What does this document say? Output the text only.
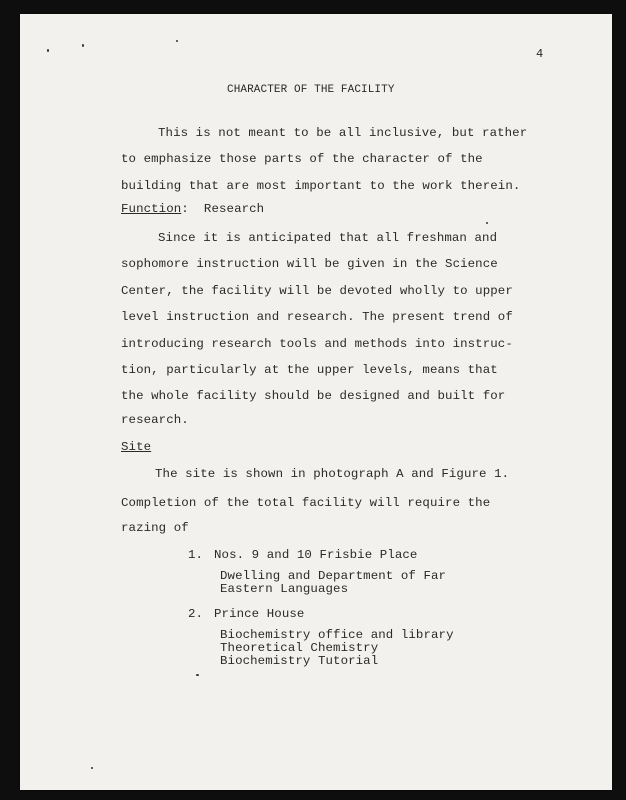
4
CHARACTER OF THE FACILITY
This is not meant to be all inclusive, but rather
to emphasize those parts of the character of the
building that are most important to the work therein.
Function: Research
Since it is anticipated that all freshman and
sophomore instruction will be given in the Science
Center, the facility will be devoted wholly to upper
level instruction and research. The present trend of
introducing research tools and methods into instruc-
tion, particularly at the upper levels, means that
the whole facility should be designed and built for
research.
Site
The site is shown in photograph A and Figure 1.
Completion of the total facility will require the
razing of
1. Nos. 9 and 10 Frisbie Place
Dwelling and Department of Far
Eastern Languages
2. Prince House
Biochemistry office and library
Theoretical Chemistry
Biochemistry Tutorial
